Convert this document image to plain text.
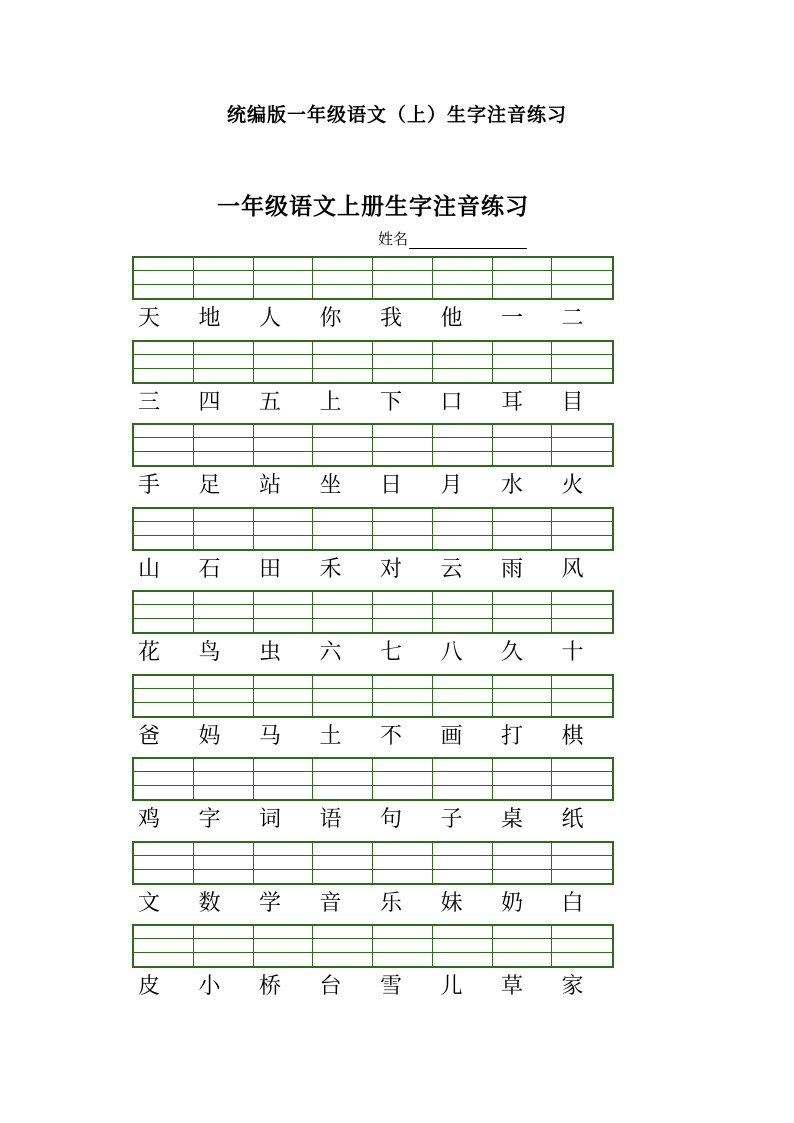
统编版一年级语文（上）生字注音练习
一年级语文上册生字注音练习
姓名
天	地	人	你	我	他	一	二
三	四	五	上	下	口	耳	目
手	足	站	坐	日	月	水	火
山	石	田	禾	对	云	雨	风
花	鸟	虫	六	七	八	久	十
爸	妈	马	土	不	画	打	棋
鸡	字	词	语	句	子	桌	纸
文	数	学	音	乐	妹	奶	白
皮	小	桥	台	雪	儿	草	家
